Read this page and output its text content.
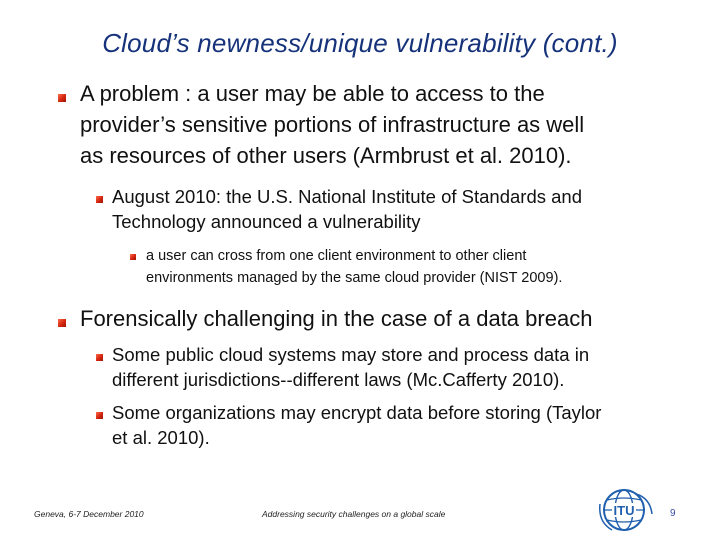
Cloud’s newness/unique vulnerability (cont.)
A problem : a user may be able to access to the
provider’s sensitive portions of infrastructure as well
as resources of other users (Armbrust et al. 2010).
August 2010: the U.S. National Institute of Standards and
Technology announced a vulnerability
a user can cross from one client environment to other client
environments managed by the same cloud provider (NIST 2009).
Forensically challenging in the case of a data breach
Some public cloud systems may store and process data in
different jurisdictions--different laws (Mc.Cafferty 2010).
Some organizations may encrypt data before storing (Taylor
et al. 2010).
Geneva, 6-7 December 2010	Addressing security challenges on a global scale	ITU	9
